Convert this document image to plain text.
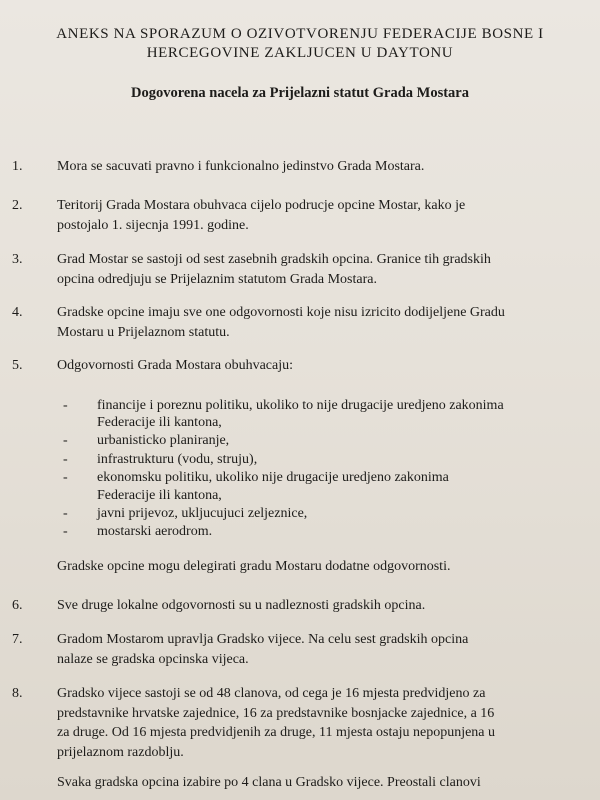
ANEKS NA SPORAZUM O OZIVOTVORENJU FEDERACIJE BOSNE I
HERCEGOVINE ZAKLJUCEN U DAYTONU
Dogovorena nacela za Prijelazni statut Grada Mostara
1. Mora se sacuvati pravno i funkcionalno jedinstvo Grada Mostara.
2. Teritorij Grada Mostara obuhvaca cijelo podrucje opcine Mostar, kako je
postojalo 1. sijecnja 1991. godine.
3. Grad Mostar se sastoji od sest zasebnih gradskih opcina. Granice tih gradskih
opcina odredjuju se Prijelaznim statutom Grada Mostara.
4. Gradske opcine imaju sve one odgovornosti koje nisu izricito dodijeljene Gradu
Mostaru u Prijelaznom statutu.
5. Odgovornosti Grada Mostara obuhvacaju:
- financije i poreznu politiku, ukoliko to nije drugacije uredjeno zakonima
Federacije ili kantona,
- urbanisticko planiranje,
- infrastrukturu (vodu, struju),
- ekonomsku politiku, ukoliko nije drugacije uredjeno zakonima
Federacije ili kantona,
- javni prijevoz, ukljucujuci zeljeznice,
- mostarski aerodrom.
Gradske opcine mogu delegirati gradu Mostaru dodatne odgovornosti.
6. Sve druge lokalne odgovornosti su u nadleznosti gradskih opcina.
7. Gradom Mostarom upravlja Gradsko vijece. Na celu sest gradskih opcina
nalaze se gradska opcinska vijeca.
8. Gradsko vijece sastoji se od 48 clanova, od cega je 16 mjesta predvidjeno za
predstavnike hrvatske zajednice, 16 za predstavnike bosnjacke zajednice, a 16
za druge. Od 16 mjesta predvidjenih za druge, 11 mjesta ostaju nepopunjena u
prijelaznom razdoblju.
Svaka gradska opcina izabire po 4 clana u Gradsko vijece. Preostali clanovi
